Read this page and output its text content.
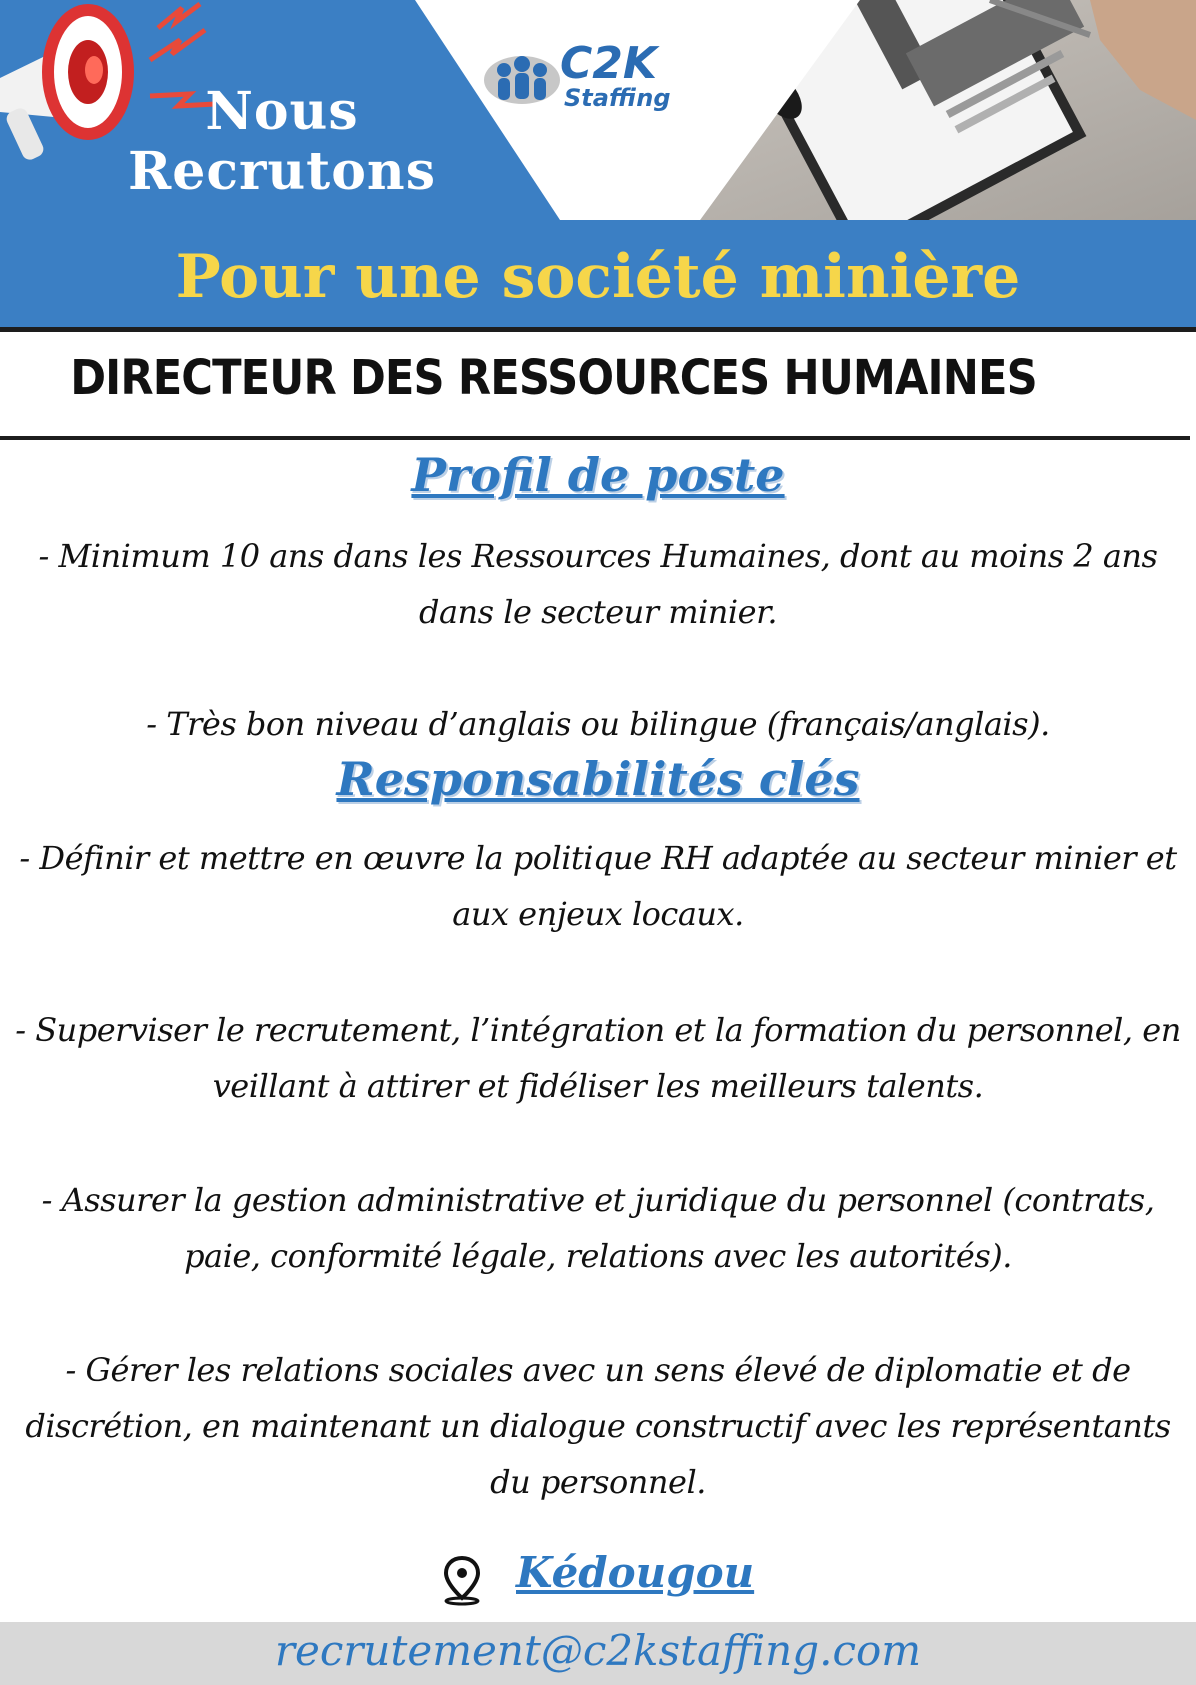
Nous
Recrutons
C2K
Staffing
Pour une société minière
DIRECTEUR DES RESSOURCES HUMAINES
Profil de poste
- Minimum 10 ans dans les Ressources Humaines, dont au moins 2 ans dans le secteur minier.
- Très bon niveau d’anglais ou bilingue (français/anglais).
Responsabilités clés
- Définir et mettre en œuvre la politique RH adaptée au secteur minier et aux enjeux locaux.
- Superviser le recrutement, l’intégration et la formation du personnel, en veillant à attirer et fidéliser les meilleurs talents.
- Assurer la gestion administrative et juridique du personnel (contrats, paie, conformité légale, relations avec les autorités).
- Gérer les relations sociales avec un sens élevé de diplomatie et de discrétion, en maintenant un dialogue constructif avec les représentants du personnel.
Kédougou
recrutement@c2kstaffing.com
